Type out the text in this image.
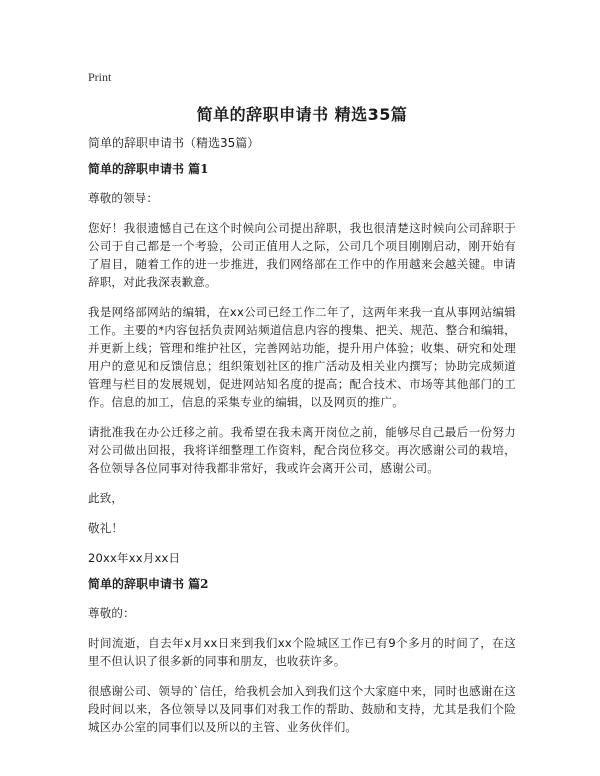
Print
简单的辞职申请书 精选35篇
简单的辞职申请书（精选35篇）

简单的辞职申请书 篇1

尊敬的领导：

您好！我很遗憾自己在这个时候向公司提出辞职，我也很清楚这时候向公司辞职于公司于自己都是一个考验，公司正值用人之际，公司几个项目刚刚启动，刚开始有了眉目，随着工作的进一步推进，我们网络部在工作中的作用越来会越关键。申请辞职，对此我深表歉意。

我是网络部网站的编辑，在xx公司已经工作二年了，这两年来我一直从事网站编辑工作。主要的*内容包括负责网站频道信息内容的搜集、把关、规范、整合和编辑，并更新上线；管理和维护社区，完善网站功能，提升用户体验；收集、研究和处理用户的意见和反馈信息；组织策划社区的推广活动及相关业内撰写；协助完成频道管理与栏目的发展规划，促进网站知名度的提高；配合技术、市场等其他部门的工作。信息的加工，信息的采集专业的编辑，以及网页的推广。

请批准我在办公迁移之前。我希望在我未离开岗位之前，能够尽自己最后一份努力对公司做出回报，我将详细整理工作资料，配合岗位移交。再次感谢公司的栽培，各位领导各位同事对待我都非常好，我或许会离开公司，感谢公司。

此致，

敬礼！

20xx年xx月xx日

简单的辞职申请书 篇2

尊敬的：

时间流逝，自去年x月xx日来到我们xx个险城区工作已有9个多月的时间了，在这里不但认识了很多新的同事和朋友，也收获许多。

很感谢公司、领导的`信任，给我机会加入到我们这个大家庭中来，同时也感谢在这段时间以来，各位领导以及同事们对我工作的帮助、鼓励和支持，尤其是我们个险城区办公室的同事们以及所以的主管、业务伙伴们。
